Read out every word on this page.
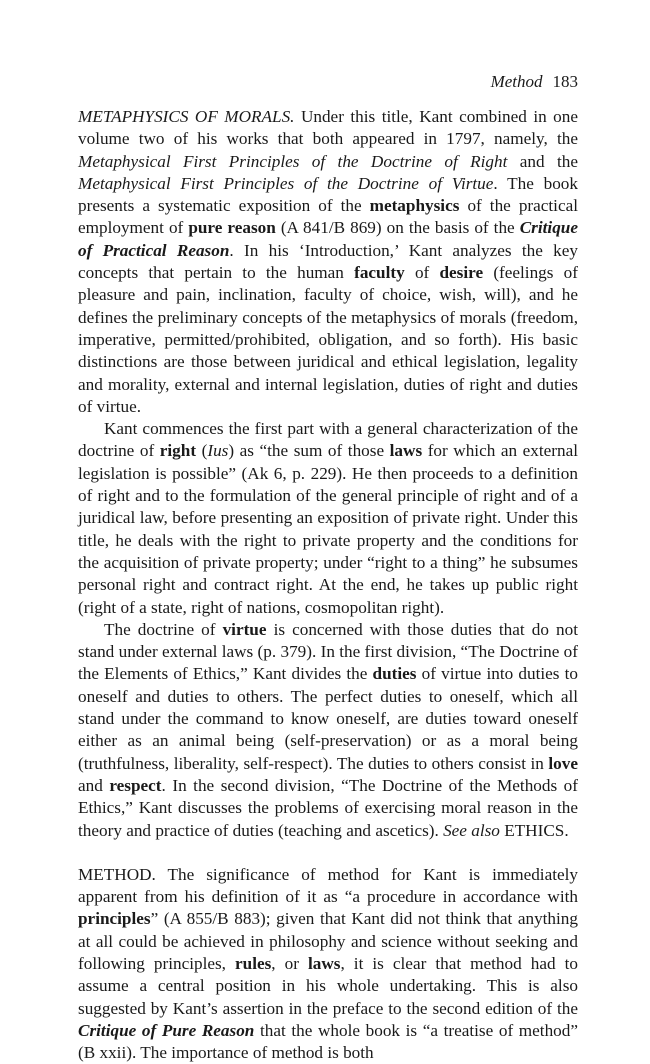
Method 183

METAPHYSICS OF MORALS. Under this title, Kant combined in one volume two of his works that both appeared in 1797, namely, the Metaphysical First Principles of the Doctrine of Right and the Metaphysical First Principles of the Doctrine of Virtue. The book presents a systematic exposition of the metaphysics of the practical employment of pure reason (A 841/B 869) on the basis of the Critique of Practical Reason. In his ‘Introduction,’ Kant analyzes the key concepts that pertain to the human faculty of desire (feelings of pleasure and pain, inclination, faculty of choice, wish, will), and he defines the preliminary concepts of the metaphysics of morals (freedom, imperative, permitted/prohibited, obligation, and so forth). His basic distinctions are those between juridical and ethical legislation, legality and morality, external and internal legislation, duties of right and duties of virtue.

Kant commences the first part with a general characterization of the doctrine of right (Ius) as “the sum of those laws for which an external legislation is possible” (Ak 6, p. 229). He then proceeds to a definition of right and to the formulation of the general principle of right and of a juridical law, before presenting an exposition of private right. Under this title, he deals with the right to private property and the conditions for the acquisition of private property; under “right to a thing” he subsumes personal right and contract right. At the end, he takes up public right (right of a state, right of nations, cosmopolitan right).

The doctrine of virtue is concerned with those duties that do not stand under external laws (p. 379). In the first division, “The Doctrine of the Elements of Ethics,” Kant divides the duties of virtue into duties to oneself and duties to others. The perfect duties to oneself, which all stand under the command to know oneself, are duties toward oneself either as an animal being (self-preservation) or as a moral being (truthfulness, liberality, self-respect). The duties to others consist in love and respect. In the second division, “The Doctrine of the Methods of Ethics,” Kant discusses the problems of exercising moral reason in the theory and practice of duties (teaching and ascetics). See also ETHICS.

METHOD. The significance of method for Kant is immediately apparent from his definition of it as “a procedure in accordance with principles” (A 855/B 883); given that Kant did not think that anything at all could be achieved in philosophy and science without seeking and following principles, rules, or laws, it is clear that method had to assume a central position in his whole undertaking. This is also suggested by Kant’s assertion in the preface to the second edition of the Critique of Pure Reason that the whole book is “a treatise of method” (B xxii). The importance of method is both
